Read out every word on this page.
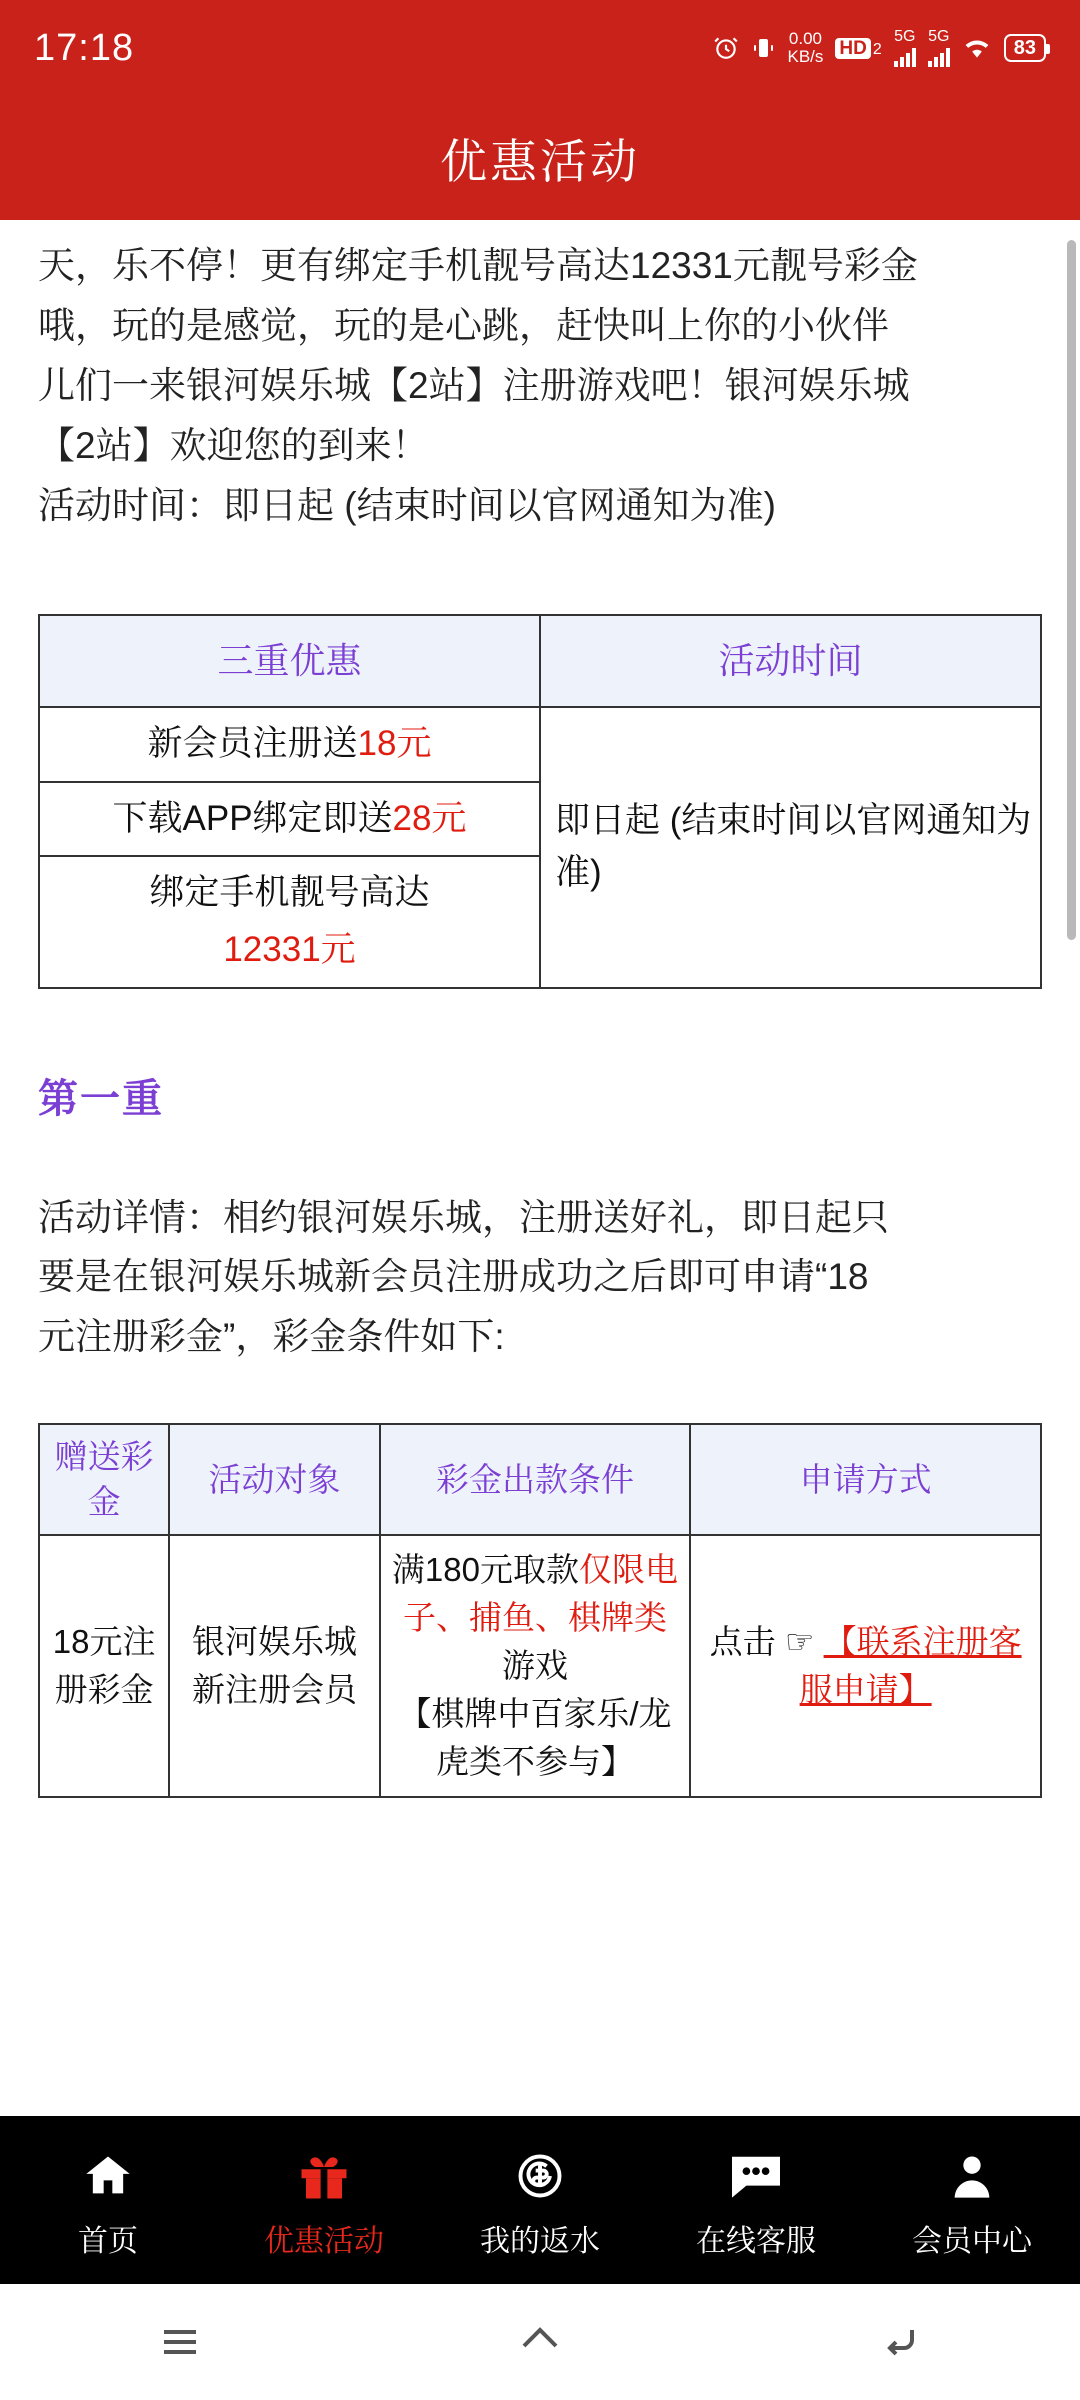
17:18	0.00
KB/s HD 2
5G 5G
83
优惠活动

天，乐不停！更有绑定手机靓号高达12331元靓号彩金

哦，玩的是感觉，玩的是心跳，赶快叫上你的小伙伴

儿们一来银河娱乐城【2站】注册游戏吧！银河娱乐城

【2站】欢迎您的到来！

活动时间：即日起 (结束时间以官网通知为准)

三重优惠	活动时间
新会员注册送18元	即日起 (结束时间以官网通知为准)
下载APP绑定即送28元	

绑定手机靓号高达
12331元	
第一重

活动详情：相约银河娱乐城，注册送好礼，即日起只

要是在银河娱乐城新会员注册成功之后即可申请“18

元注册彩金”，彩金条件如下:

赠送彩金	活动对象	彩金出款条件	申请方式
18元注册彩金	银河娱乐城新注册会员	满180元取款仅限电子、捕鱼、棋牌类游戏
【棋牌中百家乐/龙虎类不参与】	点击 ☞ 【联系注册客服申请】
首页	优惠活动	我的返水	在线客服	会员中心
